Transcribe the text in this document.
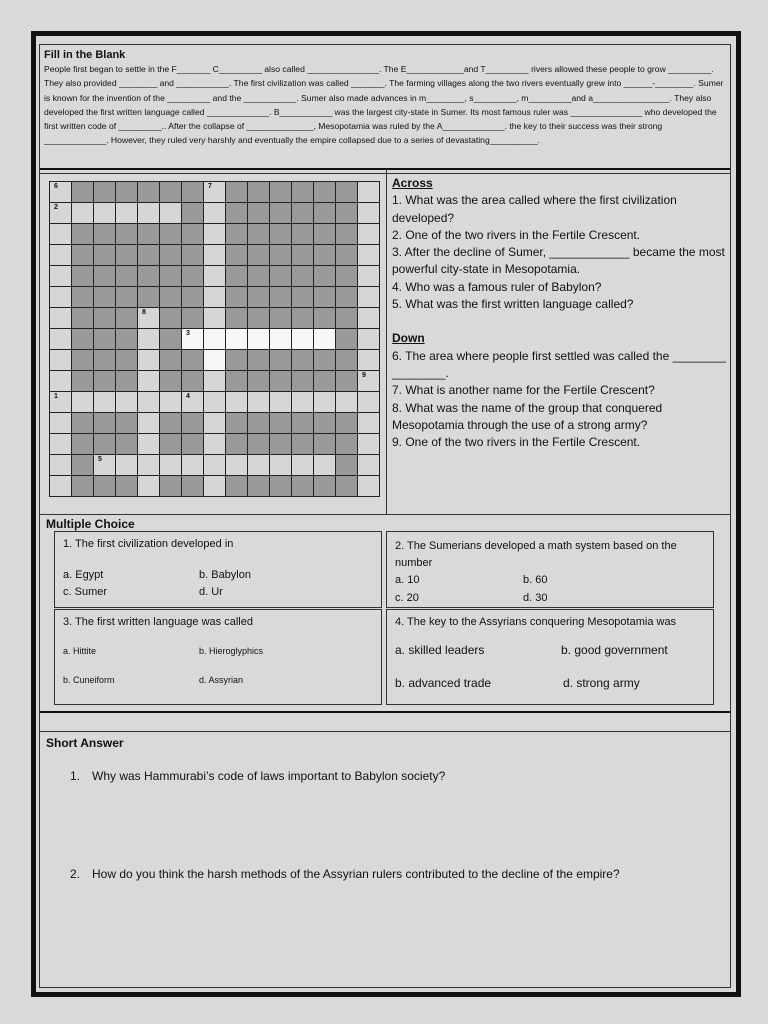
Fill in the Blank
People first began to settle in the F_______ C_________ also called _______________. The E____________and T_________ rivers allowed these people to grow _________. They also provided ________ and ___________. The first civilization was called _______. The farming villages along the two rivers eventually grew into ______-________. Sumer is known for the invention of the _________ and the ___________. Sumer also made advances in m________, s_________, m_________and a________________. They also developed the first written language called _____________. B___________ was the largest city-state in Sumer. Its most famous ruler was _______________ who developed the first written code of _________.. After the collapse of ______________, Mesopotamia was ruled by the A_____________. the key to their success was their strong _____________. However, they ruled very harshly and eventually the empire collapsed due to a series of devastating__________.
6							7							

2														

				8										

						3								

														9

1						4								

		5												

Across
1. What was the area called where the first civilization developed?
2. One of the two rivers in the Fertile Crescent.
3. After the decline of Sumer, ____________ became the most powerful city-state in Mesopotamia.
4. Who was a famous ruler of Babylon?
5. What was the first written language called?
Down
6. The area where people first settled was called the ________ ________.
7. What is another name for the Fertile Crescent?
8. What was the name of the group that conquered Mesopotamia through the use of a strong army?
9. One of the two rivers in the Fertile Crescent.
Multiple Choice
1. The first civilization developed in
a. Egypt	b. Babylon
c. Sumer	d. Ur
2. The Sumerians developed a math system based on the number
a. 10	b. 60
c. 20	d. 30
3. The first written language was called
a. Hittite	b. Hieroglyphics
b. Cuneiform	d. Assyrian
4. The key to the Assyrians conquering Mesopotamia was
a. skilled leaders	b. good government
b. advanced trade	d. strong army
Short Answer
1. Why was Hammurabi’s code of laws important to Babylon society?
2. How do you think the harsh methods of the Assyrian rulers contributed to the decline of the empire?
